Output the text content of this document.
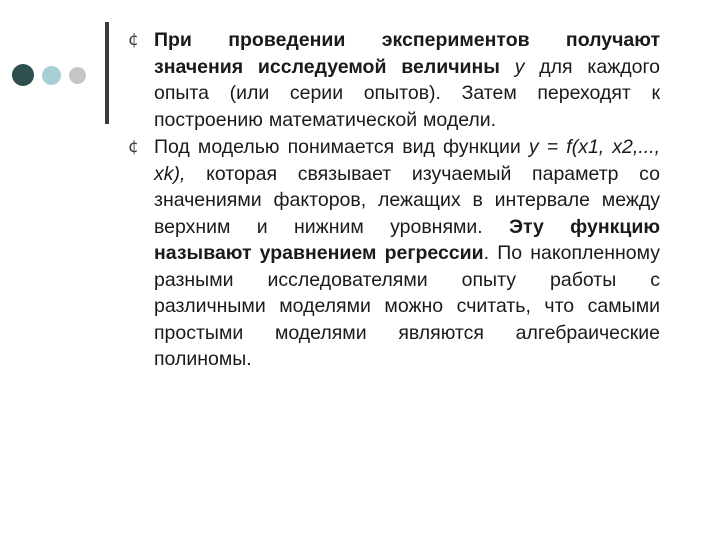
¢ При проведении экспериментов получают значения исследуемой величины y для каждого опыта (или серии опытов). Затем переходят к построению математической модели.
¢ Под моделью понимается вид функции y = f(x1, x2,..., xk), которая связывает изучаемый параметр со значениями факторов, лежащих в интервале между верхним и нижним уровнями. Эту функцию называют уравнением регрессии. По накопленному разными исследователями опыту работы с различными моделями можно считать, что самыми простыми моделями являются алгебраические полиномы.
